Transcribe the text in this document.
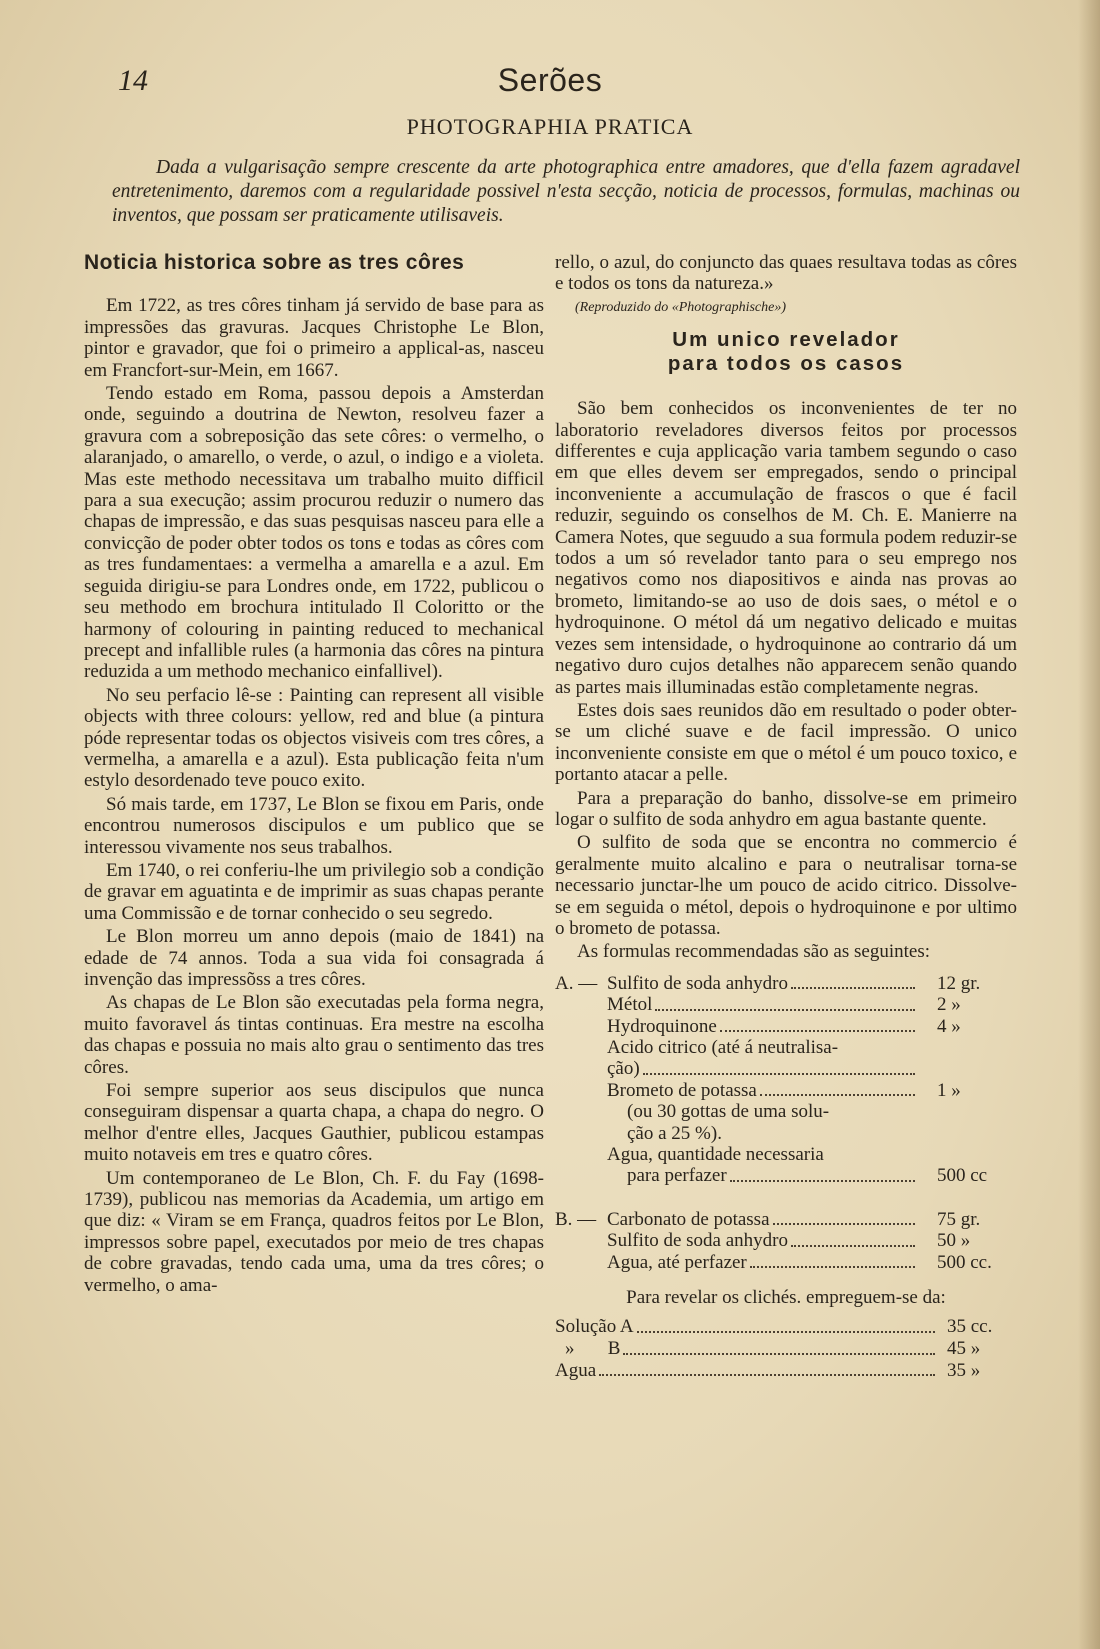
14	Serões
PHOTOGRAPHIA PRATICA

Dada a vulgarisação sempre crescente da arte photographica entre amadores, que d'ella fazem agradavel entretenimento, daremos com a regularidade possivel n'esta secção, noticia de processos, formulas, machinas ou inventos, que possam ser praticamente utilisaveis.

Noticia historica sobre as tres côres

Em 1722, as tres côres tinham já servido de base para as impressões das gravuras. Jacques Christophe Le Blon, pintor e gravador, que foi o primeiro a applical-as, nasceu em Francfort-sur-Mein, em 1667.

Tendo estado em Roma, passou depois a Amsterdan onde, seguindo a doutrina de Newton, resolveu fazer a gravura com a sobreposição das sete côres: o vermelho, o alaranjado, o amarello, o verde, o azul, o indigo e a violeta. Mas este methodo necessitava um trabalho muito difficil para a sua execução; assim procurou reduzir o numero das chapas de impressão, e das suas pesquisas nasceu para elle a convicção de poder obter todos os tons e todas as côres com as tres fundamentaes: a vermelha a amarella e a azul. Em seguida dirigiu-se para Londres onde, em 1722, publicou o seu methodo em brochura intitulado Il Coloritto or the harmony of colouring in painting reduced to mechanical precept and infallible rules (a harmonia das côres na pintura reduzida a um methodo mechanico einfallivel).

No seu perfacio lê-se : Painting can represent all visible objects with three colours: yellow, red and blue (a pintura póde representar todas os objectos visiveis com tres côres, a vermelha, a amarella e a azul). Esta publicação feita n'um estylo desordenado teve pouco exito.

Só mais tarde, em 1737, Le Blon se fixou em Paris, onde encontrou numerosos discipulos e um publico que se interessou vivamente nos seus trabalhos.

Em 1740, o rei conferiu-lhe um privilegio sob a condição de gravar em aguatinta e de imprimir as suas chapas perante uma Commissão e de tornar conhecido o seu segredo.

Le Blon morreu um anno depois (maio de 1841) na edade de 74 annos. Toda a sua vida foi consagrada á invenção das impressõss a tres côres.

As chapas de Le Blon são executadas pela forma negra, muito favoravel ás tintas continuas. Era mestre na escolha das chapas e possuia no mais alto grau o sentimento das tres côres.

Foi sempre superior aos seus discipulos que nunca conseguiram dispensar a quarta chapa, a chapa do negro. O melhor d'entre elles, Jacques Gauthier, publicou estampas muito notaveis em tres e quatro côres.

Um contemporaneo de Le Blon, Ch. F. du Fay (1698-1739), publicou nas memorias da Academia, um artigo em que diz: « Viram se em França, quadros feitos por Le Blon, impressos sobre papel, executados por meio de tres chapas de cobre gravadas, tendo cada uma, uma da tres côres; o vermelho, o ama-

rello, o azul, do conjuncto das quaes resultava todas as côres e todos os tons da natureza.»

(Reproduzido do «Photographische»)
Um unico revelador
para todos os casos

São bem conhecidos os inconvenientes de ter no laboratorio reveladores diversos feitos por processos differentes e cuja applicação varia tambem segundo o caso em que elles devem ser empregados, sendo o principal inconveniente a accumulação de frascos o que é facil reduzir, seguindo os conselhos de M. Ch. E. Manierre na Camera Notes, que seguudo a sua formula podem reduzir-se todos a um só revelador tanto para o seu emprego nos negativos como nos diapositivos e ainda nas provas ao brometo, limitando-se ao uso de dois saes, o métol e o hydroquinone. O métol dá um negativo delicado e muitas vezes sem intensidade, o hydroquinone ao contrario dá um negativo duro cujos detalhes não apparecem senão quando as partes mais illuminadas estão completamente negras.

Estes dois saes reunidos dão em resultado o poder obter-se um cliché suave e de facil impressão. O unico inconveniente consiste em que o métol é um pouco toxico, e portanto atacar a pelle.

Para a preparação do banho, dissolve-se em primeiro logar o sulfito de soda anhydro em agua bastante quente.

O sulfito de soda que se encontra no commercio é geralmente muito alcalino e para o neutralisar torna-se necessario junctar-lhe um pouco de acido citrico. Dissolve-se em seguida o métol, depois o hydroquinone e por ultimo o brometo de potassa.

As formulas recommendadas são as seguintes:

A. — Sulfito de soda anhydro	12 gr.
Métol	2 »
Hydroquinone	4 »
Acido citrico (até á neutralisa-
ção)
Brometo de potassa	1 »
(ou 30 gottas de uma solu-
ção a 25 %).
Agua, quantidade necessaria
para perfazer	500 cc
B. — Carbonato de potassa	75 gr.
Sulfito de soda anhydro	50 »
Agua, até perfazer	500 cc.
Para revelar os clichés. empreguem-se da:
Solução A	35 cc.
»       B	45 »
Agua	35 »
